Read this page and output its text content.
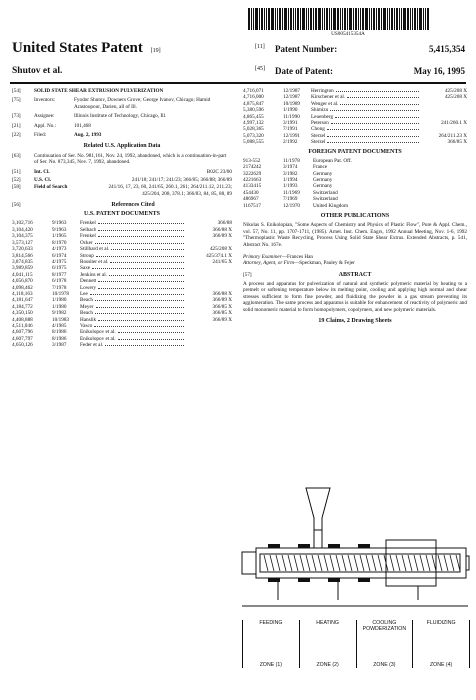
US005415354A
United States Patent [19]
Shutov et al.
[11]	Patent Number:	5,415,354
[45]	Date of Patent:	May 16, 1995
[54]	SOLID STATE SHEAR EXTRUSION PULVERIZATION
[75]	Inventors:	Fyodor Shutov, Downers Grove; George Ivanov, Chicago; Hamid Arastoopour, Darien, all of Ill.
[73]	Assignee:	Illinois Institute of Technology, Chicago, Ill.
[21]	Appl. No.:	101,468
[22]	Filed:	Aug. 2, 1993
Related U.S. Application Data
[63]	Continuation of Ser. No. 981,161, Nov. 24, 1992, abandoned, which is a continuation-in-part of Ser. No. 873,345, Nov. 7, 1992, abandoned.
[51]	Int. Cl.	B02C 23/00
[52]	U.S. Cl.	241/18; 241/17; 241/23; 366/85; 366/88; 366/89
[58]	Field of Search	241/16, 17, 23, 60, 241/65, 260.1, 261; 264/211.12, 211.23; 425/204, 208, 378.1; 366/83, 84, 85, 88, 89
[56]	References Cited
U.S. PATENT DOCUMENTS
3,102,716	9/1963	Frenkel	366/88
3,104,420	9/1963	Selbach	366/88 X
3,104,375	1/1965	Frenkel	366/89 X
3,573,127	8/1970	Ocker
3,720,633	4/1973	Stillhard et al.	425/208 X
3,814,566	6/1974	Stroup	425/374.1 X
3,874,835	4/1975	Rossiter et al.	241/65 X
3,989,859	6/1975	Saxe
4,041,115	8/1977	Jenkins et al.
4,056,870	6/1978	Dennett
4,098,462	7/1978	Lowery
4,118,163	10/1978	Lee	366/88 X
4,181,647	1/1980	Beach	366/89 X
4,184,772	1/1980	Meyer	366/85 X
4,350,150	9/1982	Beach	366/85 X
4,408,888	10/1983	Hanslik	366/89 X
4,511,046	4/1985	Vasco
4,607,796	8/1986	Enikolopov et al.
4,607,797	8/1986	Enikolopov et al.
4,650,126	3/1987	Feder et al.
4,716,071	12/1987	Herrington	425/208 X
4,716,000	12/1987	Kirschener et al.	425/208 X
4,875,847	10/1989	Wenger et al.
5,380,596	1/1990	Shimizu
4,865,455	11/1990	Leuenberg
4,997,132	3/1991	Peterson	241/260.1 X
5,028,365	7/1991	Chong
5,073,320	12/1991	Sterzel	264/211.23 X
5,088,555	2/1992	Sterzel	366/85 X
FOREIGN PATENT DOCUMENTS
913-552	11/1978	European Pat. Off.
2174242	3/1974	France
3222629	3/1982	Germany
4221663	1/1994	Germany
4133415	1/1993	Germany
454430	11/1969	Switzerland
486967	7/1969	Switzerland
1167517	12/1970	United Kingdom
OTHER PUBLICATIONS
Nikolas S. Enikolopian, "Some Aspects of Chemistry and Physics of Plastic Flow", Pure & Appl. Chem., vol. 57, No. 11, pp. 1707-1711, (1985). Arnet. Inst. Chem. Engrs, 1992 Annual Meeting, Nov. 1-6, 1992 "Thermoplastic Waste Recycling, Process Using Solid State Shear Extrus. Extended Abstracts, p. 541, Abstract No. 167e.
Primary Examiner—Frances Han
Attorney, Agent, or Firm—Speckman, Pauley & Fejer
[57]	ABSTRACT
A process and apparatus for pulverization of natural and synthetic polymeric material by heating to a premelt or softening temperature below its melting point, cooling and applying high normal and shear stresses sufficient to form fine powder, and fluidizing the powder in a gas stream preventing its agglomeration. The same process and apparatus is suitable for enhancement of reactivity of polymeric and solid monomeric material to form homopolymers, copolymers, and new polymeric materials.
19 Claims, 2 Drawing Sheets
FEEDING
ZONE (1)
HEATING
ZONE (2)
COOLING POWDERIZATION
ZONE (3)
FLUIDIZING
ZONE (4)
